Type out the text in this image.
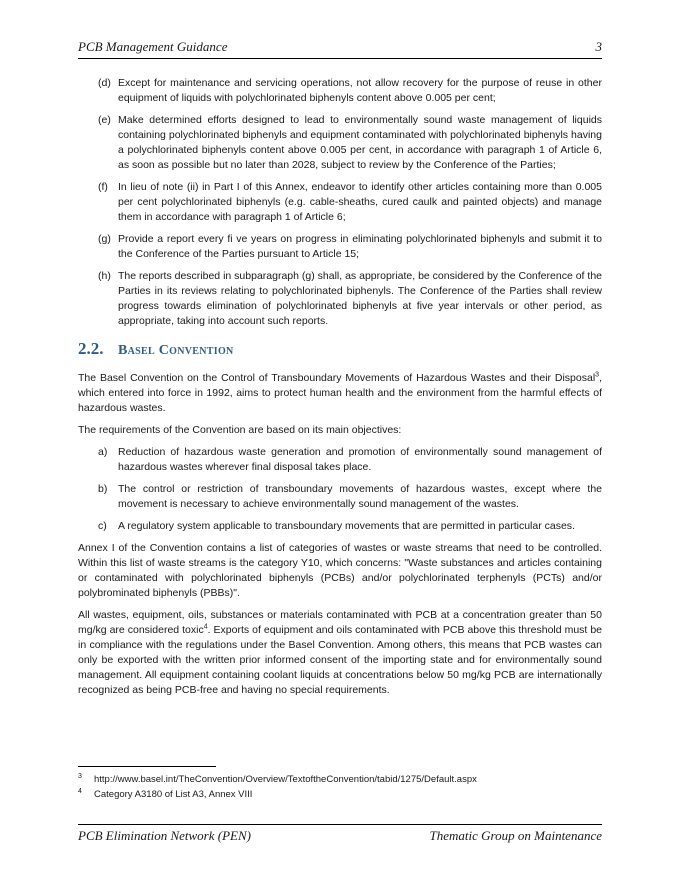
PCB Management Guidance	3
(d) Except for maintenance and servicing operations, not allow recovery for the purpose of reuse in other equipment of liquids with polychlorinated biphenyls content above 0.005 per cent;
(e) Make determined efforts designed to lead to environmentally sound waste management of liquids containing polychlorinated biphenyls and equipment contaminated with polychlorinated biphenyls having a polychlorinated biphenyls content above 0.005 per cent, in accordance with paragraph 1 of Article 6, as soon as possible but no later than 2028, subject to review by the Conference of the Parties;
(f) In lieu of note (ii) in Part I of this Annex, endeavor to identify other articles containing more than 0.005 per cent polychlorinated biphenyls (e.g. cable-sheaths, cured caulk and painted objects) and manage them in accordance with paragraph 1 of Article 6;
(g) Provide a report every fi ve years on progress in eliminating polychlorinated biphenyls and submit it to the Conference of the Parties pursuant to Article 15;
(h) The reports described in subparagraph (g) shall, as appropriate, be considered by the Conference of the Parties in its reviews relating to polychlorinated biphenyls. The Conference of the Parties shall review progress towards elimination of polychlorinated biphenyls at five year intervals or other period, as appropriate, taking into account such reports.
2.2. Basel Convention

The Basel Convention on the Control of Transboundary Movements of Hazardous Wastes and their Disposal$^3$, which entered into force in 1992, aims to protect human health and the environment from the harmful effects of hazardous wastes.

The requirements of the Convention are based on its main objectives:

a) Reduction of hazardous waste generation and promotion of environmentally sound management of hazardous wastes wherever final disposal takes place.
b) The control or restriction of transboundary movements of hazardous wastes, except where the movement is necessary to achieve environmentally sound management of the wastes.
c) A regulatory system applicable to transboundary movements that are permitted in particular cases.

Annex I of the Convention contains a list of categories of wastes or waste streams that need to be controlled. Within this list of waste streams is the category Y10, which concerns: "Waste substances and articles containing or contaminated with polychlorinated biphenyls (PCBs) and/or polychlorinated terphenyls (PCTs) and/or polybrominated biphenyls (PBBs)".

All wastes, equipment, oils, substances or materials contaminated with PCB at a concentration greater than 50 mg/kg are considered toxic$^4$. Exports of equipment and oils contaminated with PCB above this threshold must be in compliance with the regulations under the Basel Convention. Among others, this means that PCB wastes can only be exported with the written prior informed consent of the importing state and for environmentally sound management. All equipment containing coolant liquids at concentrations below 50 mg/kg PCB are internationally recognized as being PCB-free and having no special requirements.

3 http://www.basel.int/TheConvention/Overview/TextoftheConvention/tabid/1275/Default.aspx
4 Category A3180 of List A3, Annex VIII
PCB Elimination Network (PEN)	Thematic Group on Maintenance
